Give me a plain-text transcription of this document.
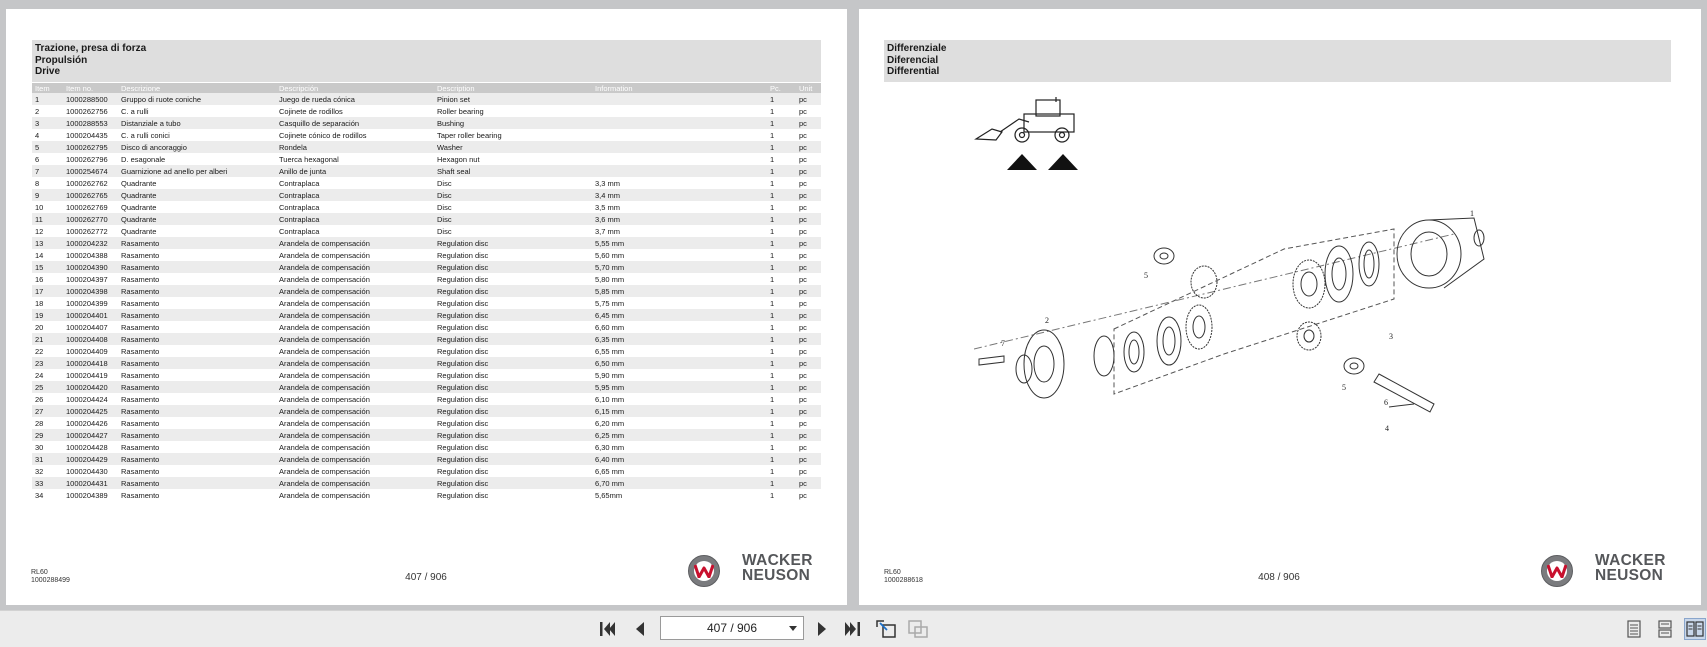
Trazione, presa di forza
Propulsión
Drive
Item	Item no.	Descrizione	Descripción	Description	Information	Pc.	Unit
1	1000288500	Gruppo di ruote coniche	Juego de rueda cónica	Pinion set		1	pc
2	1000262756	C. a rulli	Cojinete de rodillos	Roller bearing		1	pc
3	1000288553	Distanziale a tubo	Casquillo de separación	Bushing		1	pc
4	1000204435	C. a rulli conici	Cojinete cónico de rodillos	Taper roller bearing		1	pc
5	1000262795	Disco di ancoraggio	Rondela	Washer		1	pc
6	1000262796	D. esagonale	Tuerca hexagonal	Hexagon nut		1	pc
7	1000254674	Guarnizione ad anello per alberi	Anillo de junta	Shaft seal		1	pc
8	1000262762	Quadrante	Contraplaca	Disc	3,3 mm	1	pc
9	1000262765	Quadrante	Contraplaca	Disc	3,4 mm	1	pc
10	1000262769	Quadrante	Contraplaca	Disc	3,5 mm	1	pc
11	1000262770	Quadrante	Contraplaca	Disc	3,6 mm	1	pc
12	1000262772	Quadrante	Contraplaca	Disc	3,7 mm	1	pc
13	1000204232	Rasamento	Arandela de compensación	Regulation disc	5,55 mm	1	pc
14	1000204388	Rasamento	Arandela de compensación	Regulation disc	5,60 mm	1	pc
15	1000204390	Rasamento	Arandela de compensación	Regulation disc	5,70 mm	1	pc
16	1000204397	Rasamento	Arandela de compensación	Regulation disc	5,80 mm	1	pc
17	1000204398	Rasamento	Arandela de compensación	Regulation disc	5,85 mm	1	pc
18	1000204399	Rasamento	Arandela de compensación	Regulation disc	5,75 mm	1	pc
19	1000204401	Rasamento	Arandela de compensación	Regulation disc	6,45 mm	1	pc
20	1000204407	Rasamento	Arandela de compensación	Regulation disc	6,60 mm	1	pc
21	1000204408	Rasamento	Arandela de compensación	Regulation disc	6,35 mm	1	pc
22	1000204409	Rasamento	Arandela de compensación	Regulation disc	6,55 mm	1	pc
23	1000204418	Rasamento	Arandela de compensación	Regulation disc	6,50 mm	1	pc
24	1000204419	Rasamento	Arandela de compensación	Regulation disc	5,90 mm	1	pc
25	1000204420	Rasamento	Arandela de compensación	Regulation disc	5,95 mm	1	pc
26	1000204424	Rasamento	Arandela de compensación	Regulation disc	6,10 mm	1	pc
27	1000204425	Rasamento	Arandela de compensación	Regulation disc	6,15 mm	1	pc
28	1000204426	Rasamento	Arandela de compensación	Regulation disc	6,20 mm	1	pc
29	1000204427	Rasamento	Arandela de compensación	Regulation disc	6,25 mm	1	pc
30	1000204428	Rasamento	Arandela de compensación	Regulation disc	6,30 mm	1	pc
31	1000204429	Rasamento	Arandela de compensación	Regulation disc	6,40 mm	1	pc
32	1000204430	Rasamento	Arandela de compensación	Regulation disc	6,65 mm	1	pc
33	1000204431	Rasamento	Arandela de compensación	Regulation disc	6,70 mm	1	pc
34	1000204389	Rasamento	Arandela de compensación	Regulation disc	5,65mm	1	pc
RL60
1000288499	407 / 906
WACKER
NEUSON
Differenziale
Diferencial
Differential
1
2
3
4
5
5
6
7
RL60
1000288618	408 / 906
WACKER
NEUSON
407 / 906
